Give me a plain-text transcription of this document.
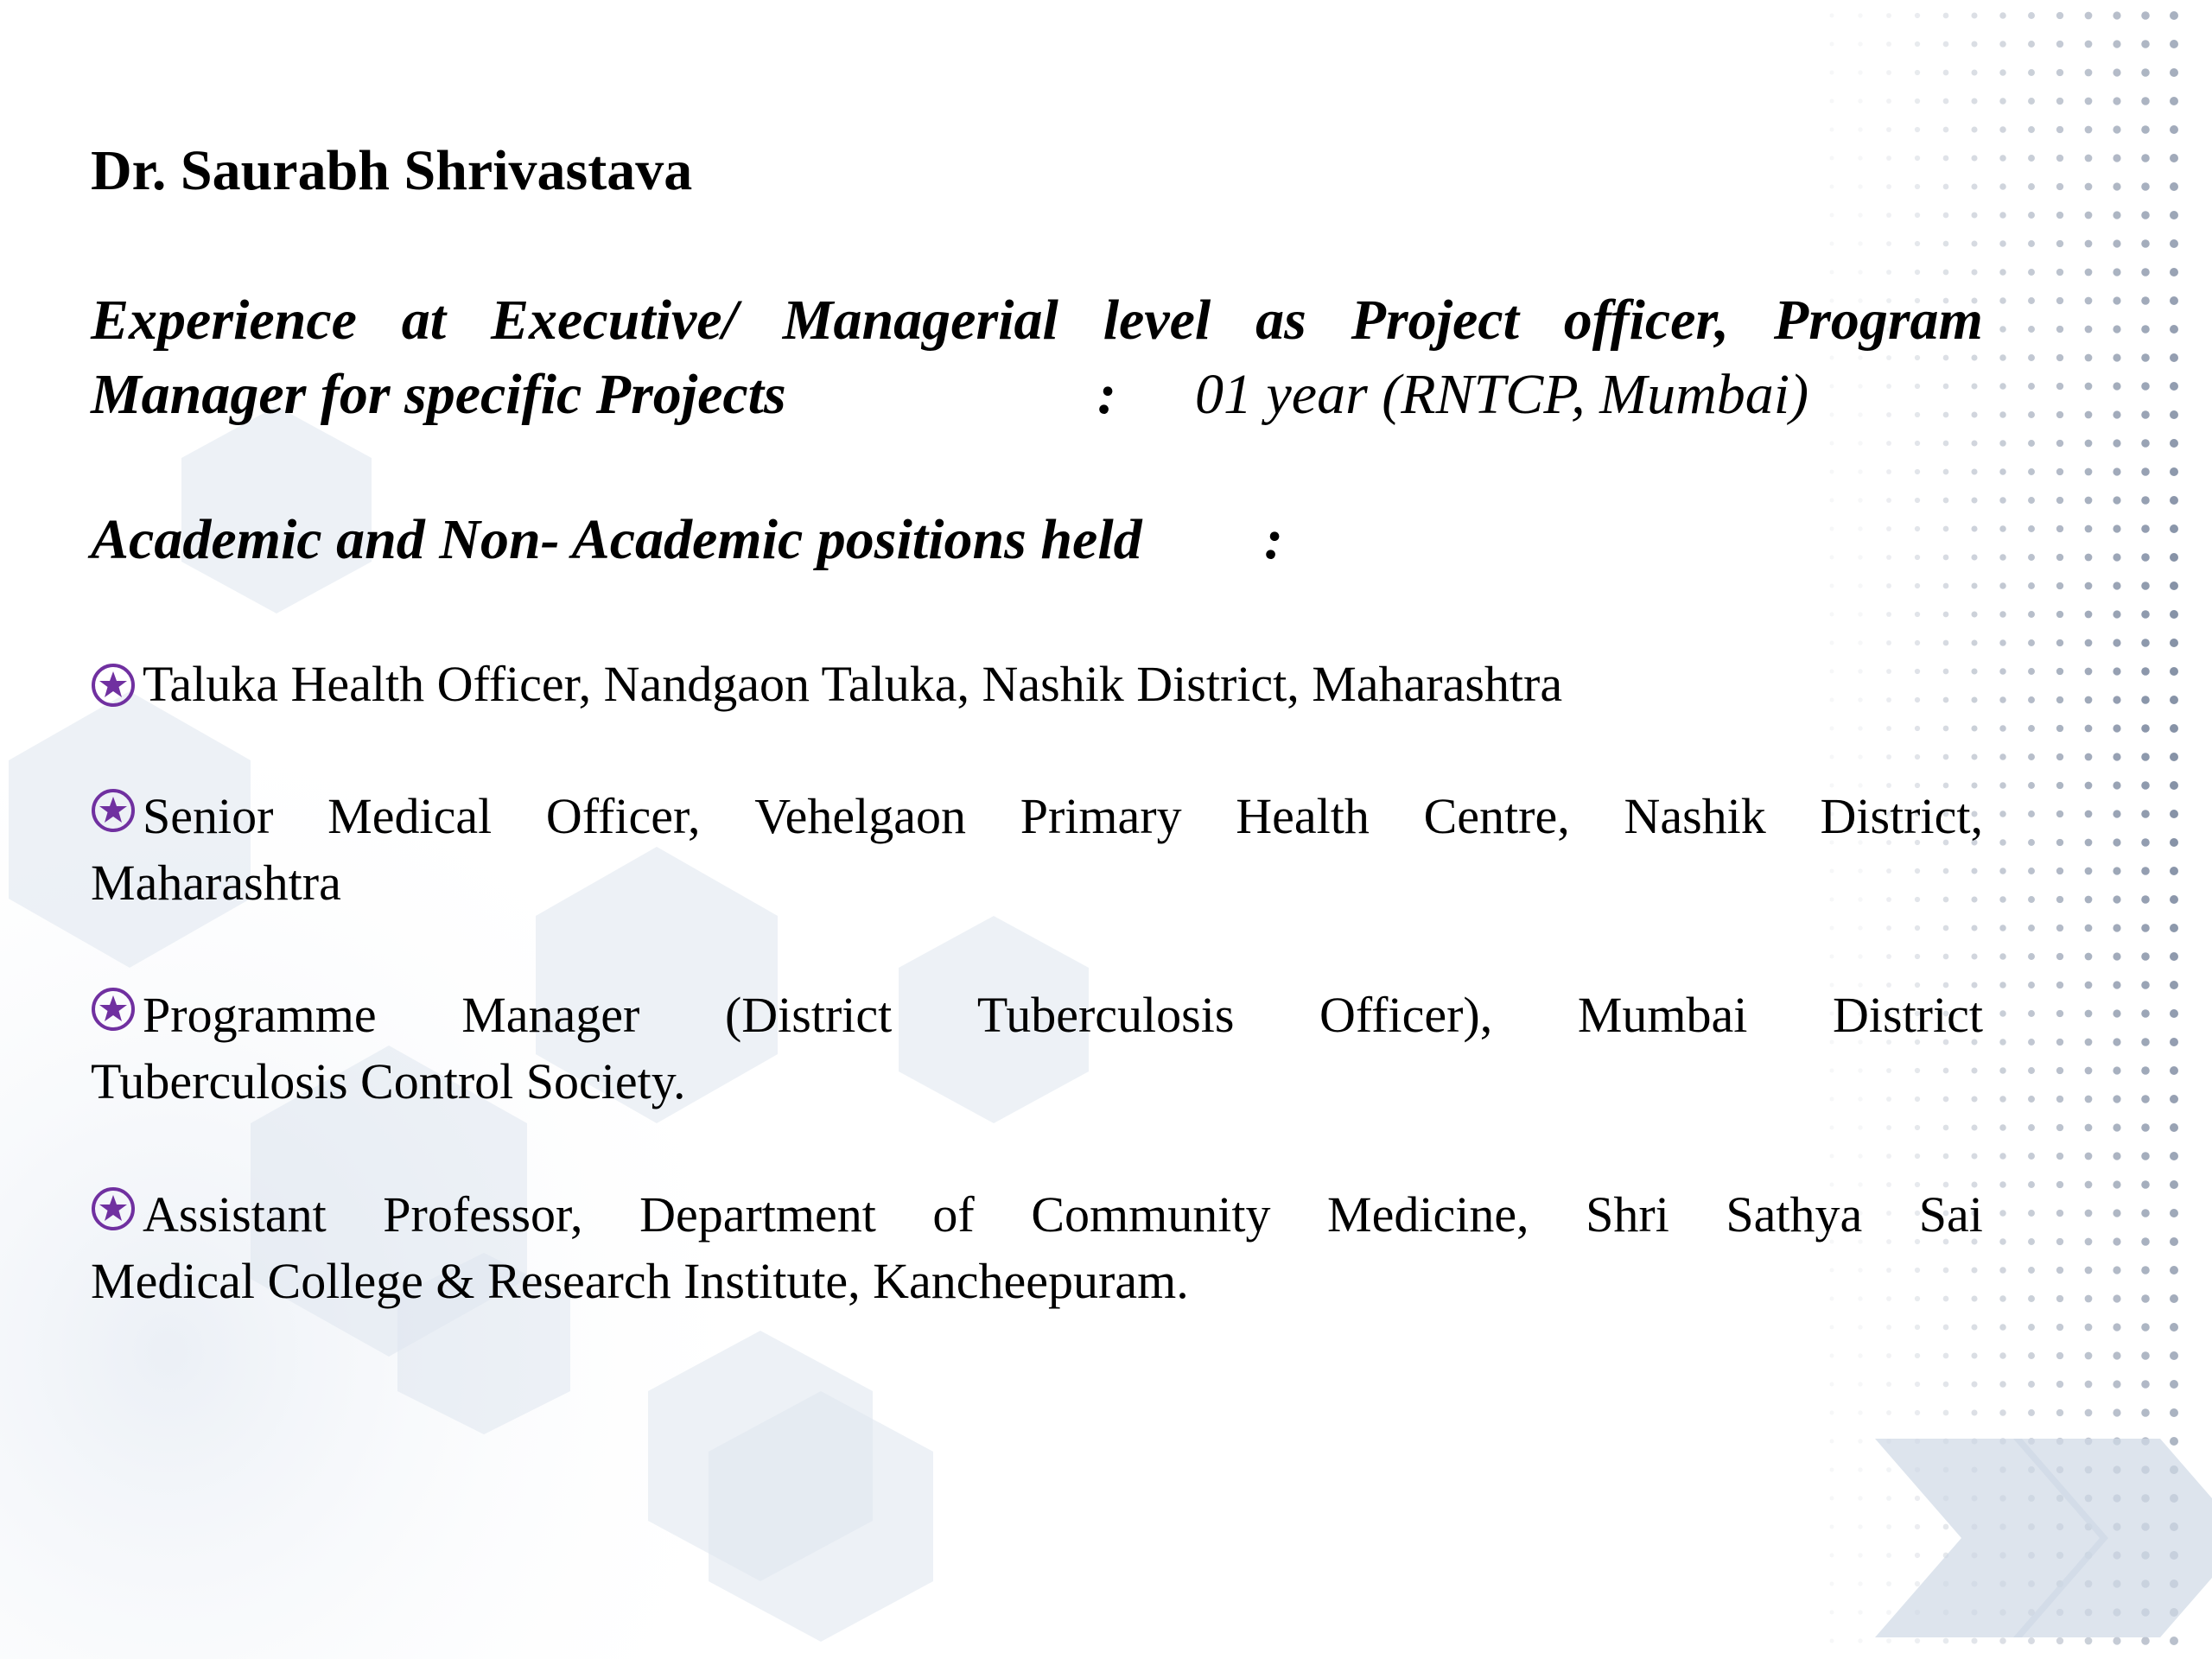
Dr. Saurabh Shrivastava
Experience at Executive/ Managerial level as Project officer, Program
Manager for specific Projects	: 01 year (RNTCP, Mumbai)
Academic and Non- Academic positions held :
Taluka Health Officer, Nandgaon Taluka, Nashik District, Maharashtra
Senior Medical Officer, Vehelgaon Primary Health Centre, Nashik District,
Maharashtra
Programme Manager (District Tuberculosis Officer), Mumbai District
Tuberculosis Control Society.
Assistant Professor, Department of Community Medicine, Shri Sathya Sai
Medical College & Research Institute, Kancheepuram.
